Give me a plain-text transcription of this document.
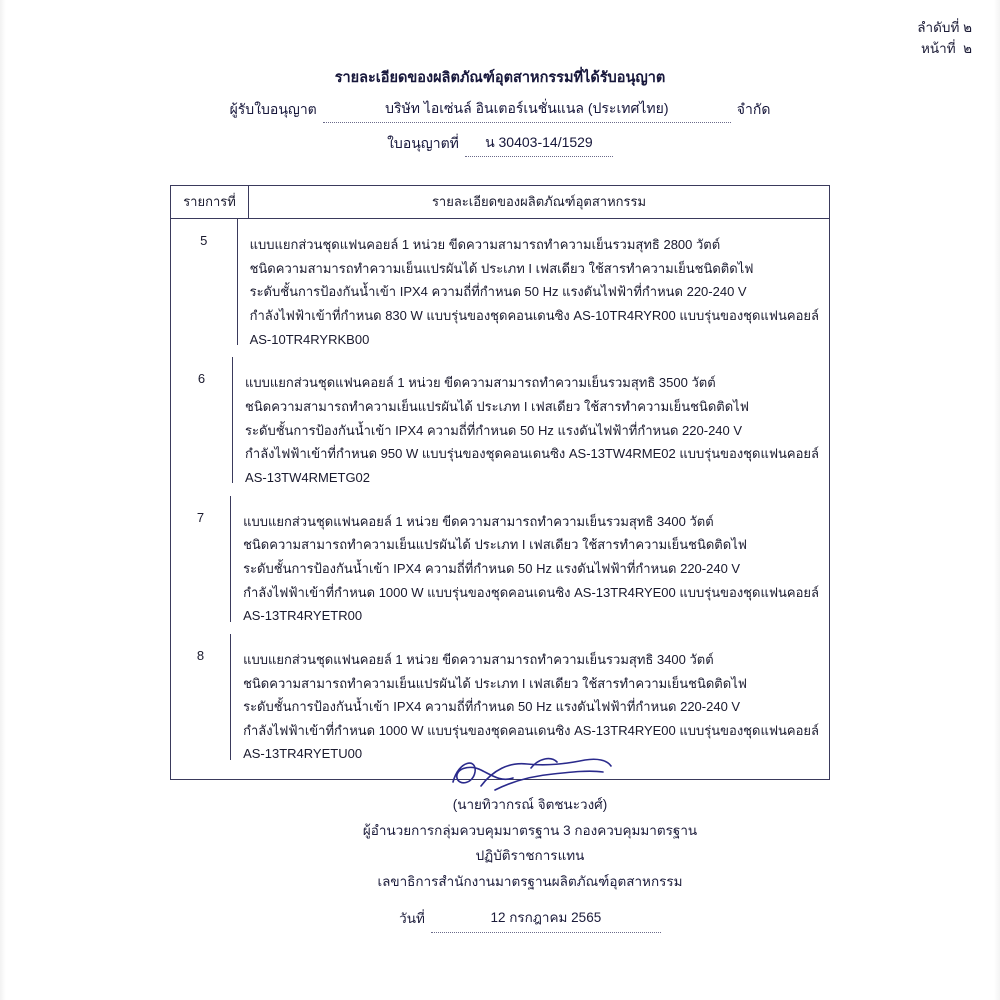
ลำดับที่ ๒
หน้าที่  ๒
รายละเอียดของผลิตภัณฑ์อุตสาหกรรมที่ได้รับอนุญาต
ผู้รับใบอนุญาต	บริษัท ไอเซ่นล์ อินเตอร์เนชั่นแนล (ประเทศไทย)	จำกัด
ใบอนุญาตที่	น 30403-14/1529
รายการที่	รายละเอียดของผลิตภัณฑ์อุตสาหกรรม
5	แบบแยกส่วนชุดแฟนคอยล์ 1 หน่วย ขีดความสามารถทำความเย็นรวมสุทธิ 2800 วัตต์
ชนิดความสามารถทำความเย็นแปรผันได้ ประเภท I เฟสเดียว ใช้สารทำความเย็นชนิดติดไฟ
ระดับชั้นการป้องกันน้ำเข้า IPX4 ความถี่ที่กำหนด 50 Hz แรงดันไฟฟ้าที่กำหนด 220-240 V
กำลังไฟฟ้าเข้าที่กำหนด 830 W แบบรุ่นของชุดคอนเดนซิง AS-10TR4RYR00 แบบรุ่นของชุดแฟนคอยล์
AS-10TR4RYRKB00
6	แบบแยกส่วนชุดแฟนคอยล์ 1 หน่วย ขีดความสามารถทำความเย็นรวมสุทธิ 3500 วัตต์
ชนิดความสามารถทำความเย็นแปรผันได้ ประเภท I เฟสเดียว ใช้สารทำความเย็นชนิดติดไฟ
ระดับชั้นการป้องกันน้ำเข้า IPX4 ความถี่ที่กำหนด 50 Hz แรงดันไฟฟ้าที่กำหนด 220-240 V
กำลังไฟฟ้าเข้าที่กำหนด 950 W แบบรุ่นของชุดคอนเดนซิง AS-13TW4RME02 แบบรุ่นของชุดแฟนคอยล์
AS-13TW4RMETG02
7	แบบแยกส่วนชุดแฟนคอยล์ 1 หน่วย ขีดความสามารถทำความเย็นรวมสุทธิ 3400 วัตต์
ชนิดความสามารถทำความเย็นแปรผันได้ ประเภท I เฟสเดียว ใช้สารทำความเย็นชนิดติดไฟ
ระดับชั้นการป้องกันน้ำเข้า IPX4 ความถี่ที่กำหนด 50 Hz แรงดันไฟฟ้าที่กำหนด 220-240 V
กำลังไฟฟ้าเข้าที่กำหนด 1000 W แบบรุ่นของชุดคอนเดนซิง AS-13TR4RYE00 แบบรุ่นของชุดแฟนคอยล์
AS-13TR4RYETR00
8	แบบแยกส่วนชุดแฟนคอยล์ 1 หน่วย ขีดความสามารถทำความเย็นรวมสุทธิ 3400 วัตต์
ชนิดความสามารถทำความเย็นแปรผันได้ ประเภท I เฟสเดียว ใช้สารทำความเย็นชนิดติดไฟ
ระดับชั้นการป้องกันน้ำเข้า IPX4 ความถี่ที่กำหนด 50 Hz แรงดันไฟฟ้าที่กำหนด 220-240 V
กำลังไฟฟ้าเข้าที่กำหนด 1000 W แบบรุ่นของชุดคอนเดนซิง AS-13TR4RYE00 แบบรุ่นของชุดแฟนคอยล์
AS-13TR4RYETU00
(นายทิวากรณ์ จิตชนะวงศ์)
ผู้อำนวยการกลุ่มควบคุมมาตรฐาน 3 กองควบคุมมาตรฐาน
ปฏิบัติราชการแทน
เลขาธิการสำนักงานมาตรฐานผลิตภัณฑ์อุตสาหกรรม
วันที่	12 กรกฎาคม 2565
